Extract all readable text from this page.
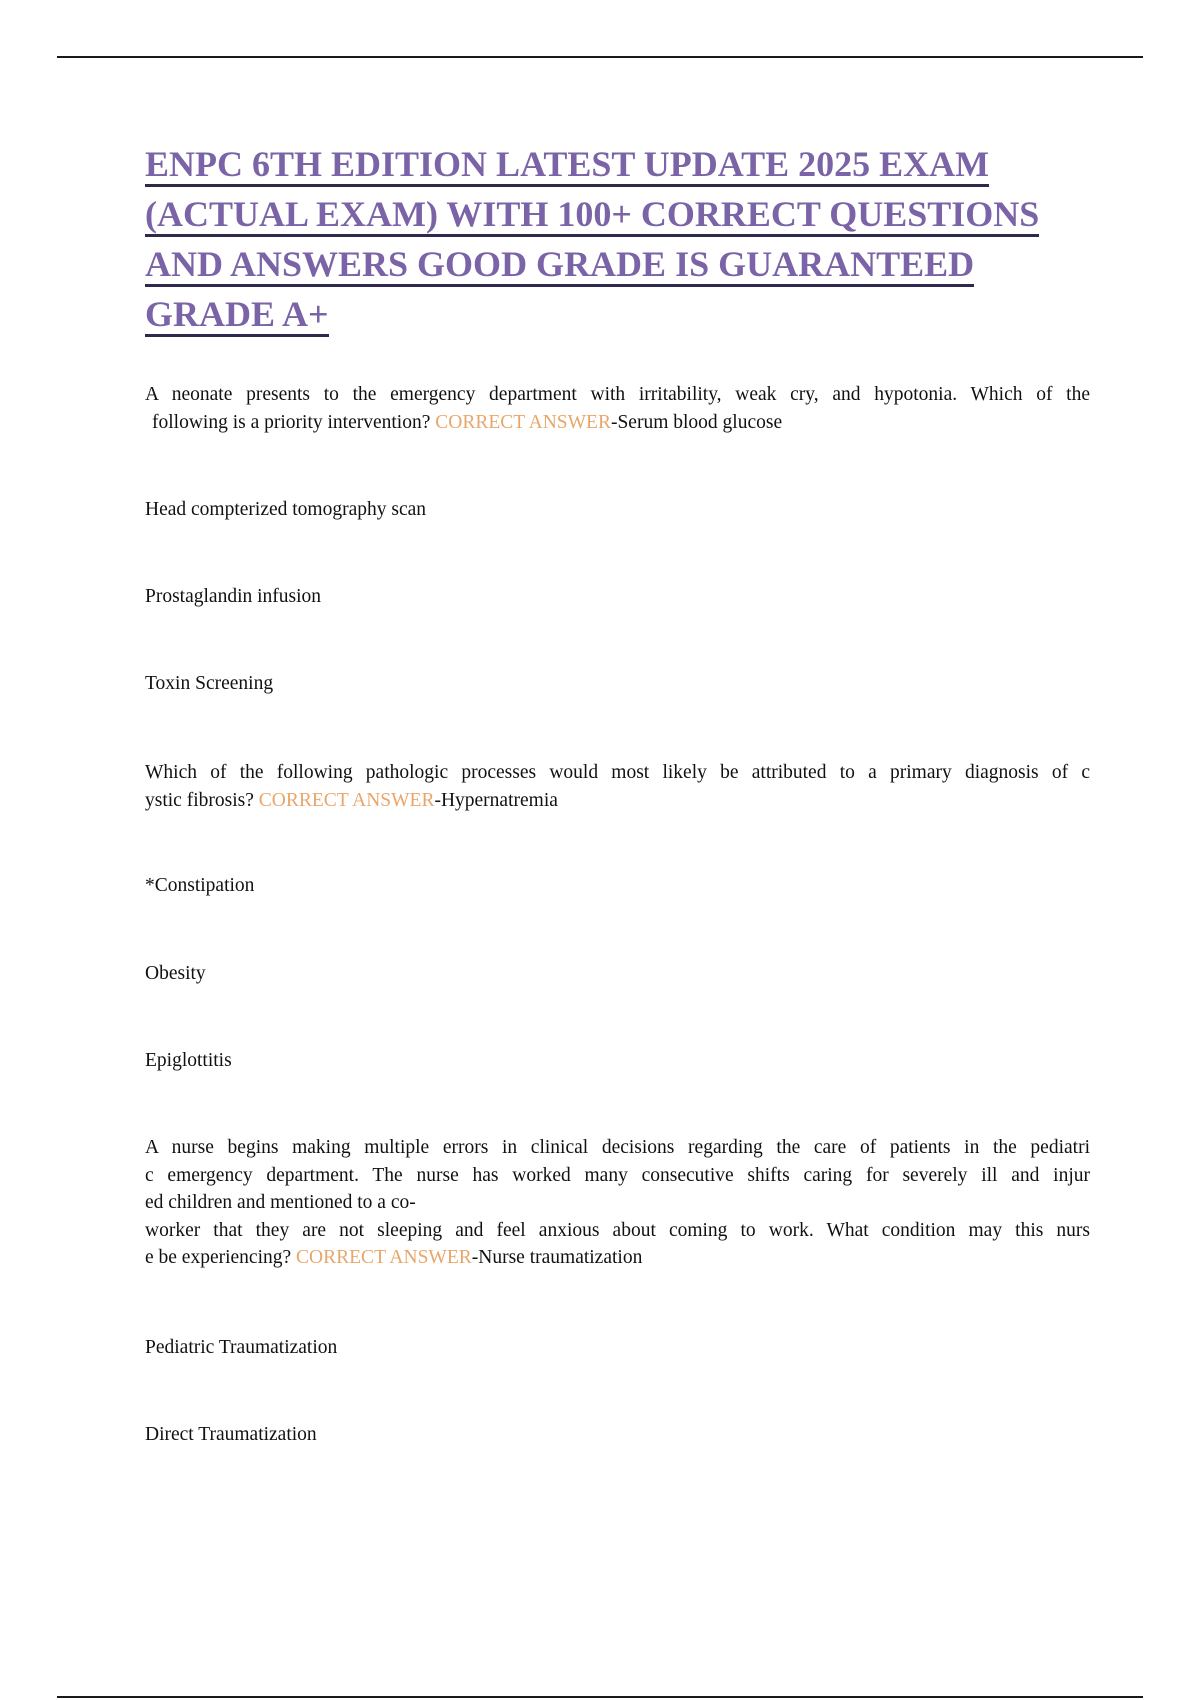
ENPC 6TH EDITION LATEST UPDATE 2025 EXAM
(ACTUAL EXAM) WITH 100+ CORRECT QUESTIONS
AND ANSWERS GOOD GRADE IS GUARANTEED
GRADE A+

A neonate presents to the emergency department with irritability, weak cry, and hypotonia. Which of the
following is a priority intervention? CORRECT ANSWER-Serum blood glucose

Head compterized tomography scan

Prostaglandin infusion

Toxin Screening

Which of the following pathologic processes would most likely be attributed to a primary diagnosis of c
ystic fibrosis? CORRECT ANSWER-Hypernatremia

*Constipation

Obesity

Epiglottitis

A nurse begins making multiple errors in clinical decisions regarding the care of patients in the pediatri
c emergency department. The nurse has worked many consecutive shifts caring for severely ill and injur
ed children and mentioned to a co-
worker that they are not sleeping and feel anxious about coming to work. What condition may this nurs
e be experiencing? CORRECT ANSWER-Nurse traumatization

Pediatric Traumatization

Direct Traumatization
